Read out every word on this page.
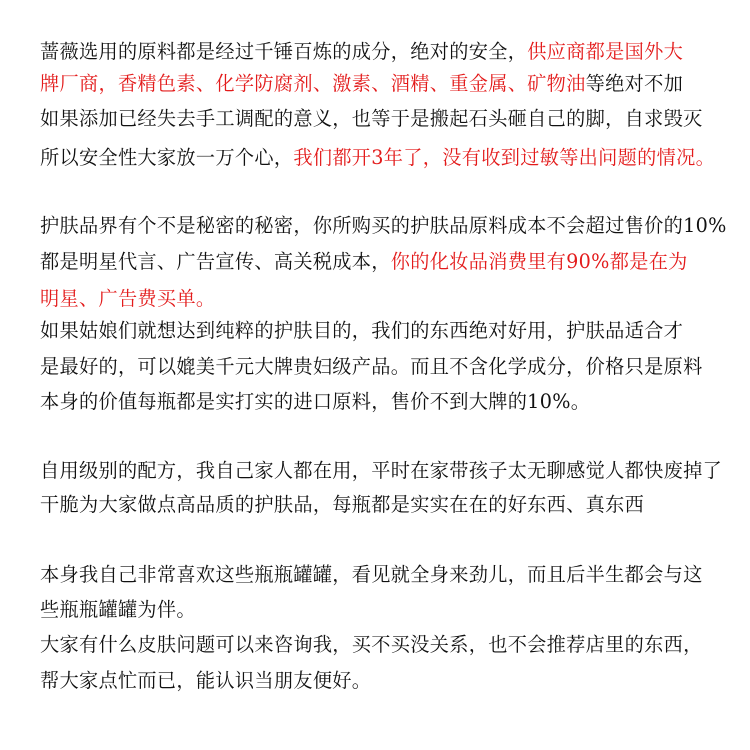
蔷薇选用的原料都是经过千锤百炼的成分，绝对的安全，供应商都是国外大
牌厂商，香精色素、化学防腐剂、激素、酒精、重金属、矿物油等绝对不加
如果添加已经失去手工调配的意义，也等于是搬起石头砸自己的脚，自求毁灭
所以安全性大家放一万个心，我们都开3年了，没有收到过敏等出问题的情况。
护肤品界有个不是秘密的秘密，你所购买的护肤品原料成本不会超过售价的10%
都是明星代言、广告宣传、高关税成本，你的化妆品消费里有90%都是在为
明星、广告费买单。
如果姑娘们就想达到纯粹的护肤目的，我们的东西绝对好用，护肤品适合才
是最好的，可以媲美千元大牌贵妇级产品。而且不含化学成分，价格只是原料
本身的价值每瓶都是实打实的进口原料，售价不到大牌的10%。
自用级别的配方，我自己家人都在用，平时在家带孩子太无聊感觉人都快废掉了
干脆为大家做点高品质的护肤品，每瓶都是实实在在的好东西、真东西
本身我自己非常喜欢这些瓶瓶罐罐，看见就全身来劲儿，而且后半生都会与这
些瓶瓶罐罐为伴。
大家有什么皮肤问题可以来咨询我，买不买没关系，也不会推荐店里的东西，
帮大家点忙而已，能认识当朋友便好。
